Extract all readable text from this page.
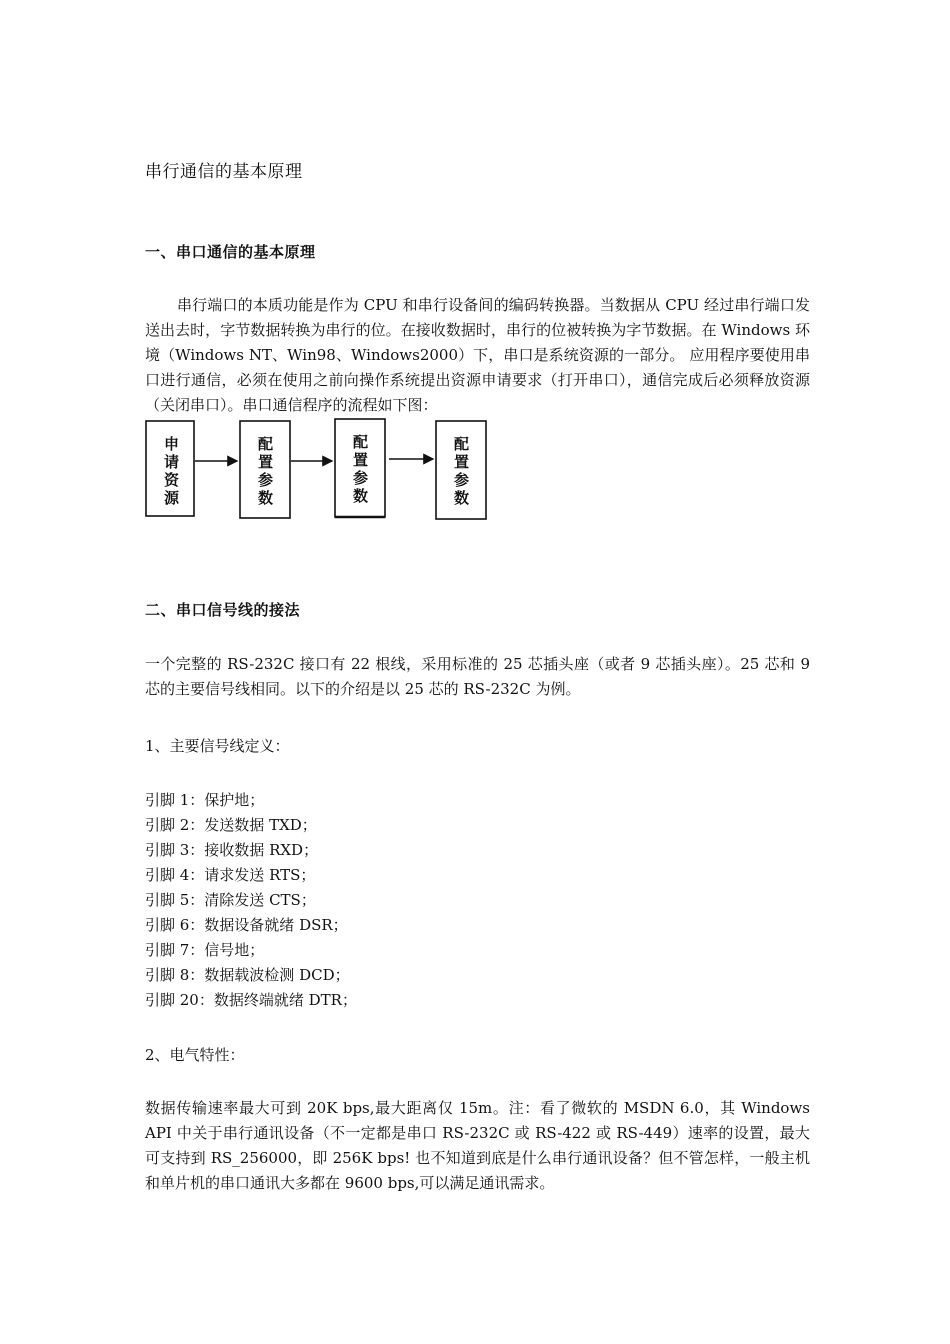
串行通信的基本原理
一、串口通信的基本原理
串行端口的本质功能是作为 CPU 和串行设备间的编码转换器。当数据从 CPU 经过串行端口发送出去时，字节数据转换为串行的位。在接收数据时，串行的位被转换为字节数据。在 Windows 环境（Windows NT、Win98、Windows2000）下，串口是系统资源的一部分。 应用程序要使用串口进行通信，必须在使用之前向操作系统提出资源申请要求（打开串口），通信完成后必须释放资源（关闭串口）。串口通信程序的流程如下图：
申
请
资
源
配
置
参
数
配
置
参
数
配
置
参
数
二、串口信号线的接法
一个完整的 RS-232C 接口有 22 根线，采用标准的 25 芯插头座（或者 9 芯插头座）。25 芯和 9 芯的主要信号线相同。以下的介绍是以 25 芯的 RS-232C 为例。
1、主要信号线定义：
引脚 1：保护地；
引脚 2：发送数据 TXD；
引脚 3：接收数据 RXD；
引脚 4：请求发送 RTS；
引脚 5：清除发送 CTS；
引脚 6：数据设备就绪 DSR；
引脚 7：信号地；
引脚 8：数据载波检测 DCD；
引脚 20：数据终端就绪 DTR；
2、电气特性：
数据传输速率最大可到 20K bps,最大距离仅 15m。注：看了微软的 MSDN 6.0，其 Windows API 中关于串行通讯设备（不一定都是串口 RS-232C 或 RS-422 或 RS-449）速率的设置，最大可支持到 RS_256000，即 256K bps! 也不知道到底是什么串行通讯设备？但不管怎样，一般主机和单片机的串口通讯大多都在 9600 bps,可以满足通讯需求。
